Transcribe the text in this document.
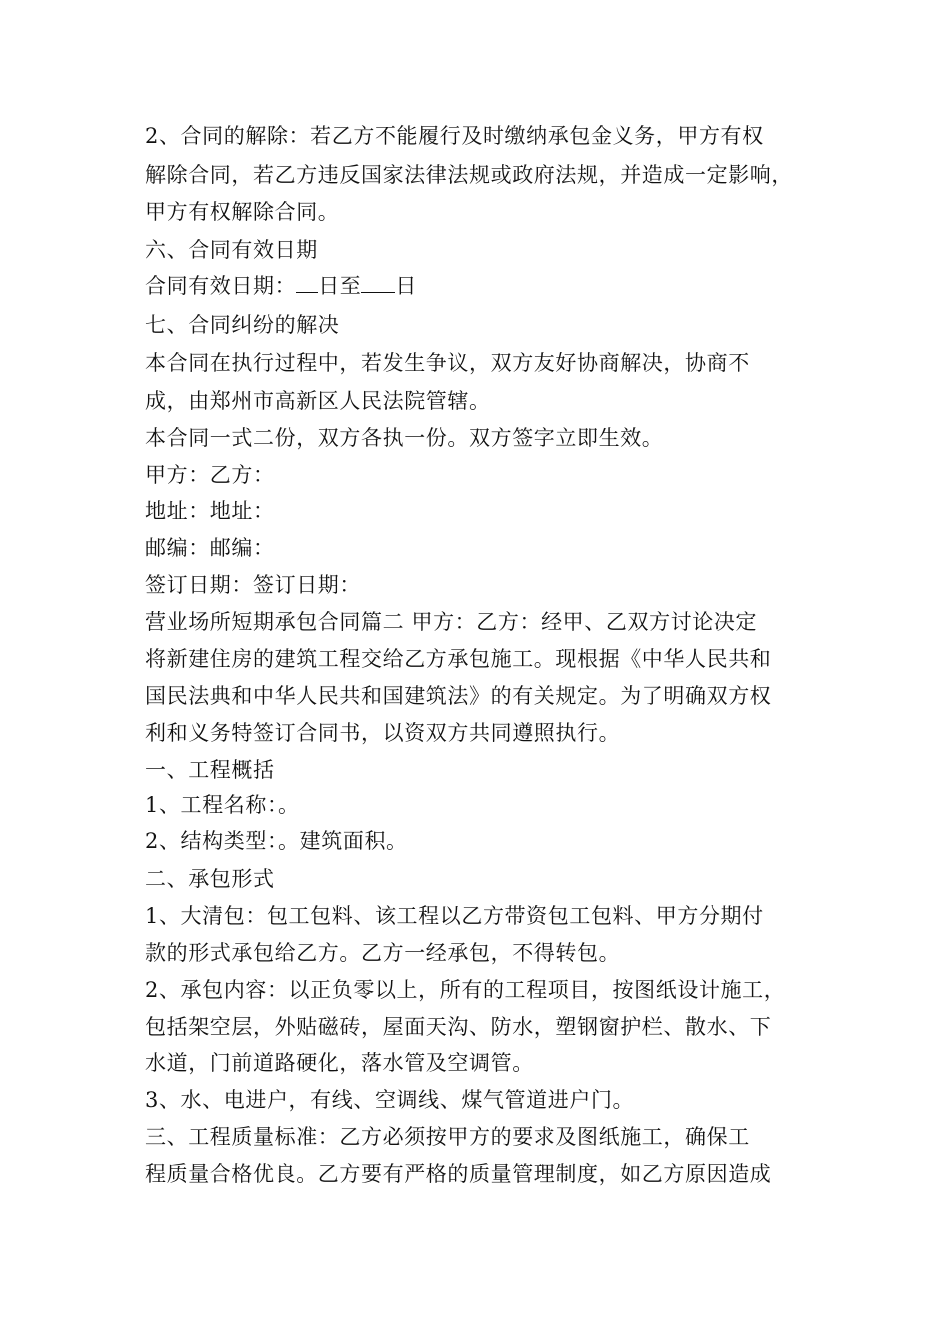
2、合同的解除：若乙方不能履行及时缴纳承包金义务，甲方有权
解除合同，若乙方违反国家法律法规或政府法规，并造成一定影响，
甲方有权解除合同。
六、合同有效日期
合同有效日期： 日至 日
七、合同纠纷的解决
本合同在执行过程中，若发生争议，双方友好协商解决，协商不
成，由郑州市高新区人民法院管辖。
本合同一式二份，双方各执一份。双方签字立即生效。
甲方：乙方：
地址：地址：
邮编：邮编：
签订日期：签订日期：
营业场所短期承包合同篇二 甲方：乙方：经甲、乙双方讨论决定
将新建住房的建筑工程交给乙方承包施工。现根据《中华人民共和
国民法典和中华人民共和国建筑法》的有关规定。为了明确双方权
利和义务特签订合同书，以资双方共同遵照执行。
一、工程概括
1、工程名称：。
2、结构类型：。建筑面积。
二、承包形式
1、大清包：包工包料、该工程以乙方带资包工包料、甲方分期付
款的形式承包给乙方。乙方一经承包，不得转包。
2、承包内容：以正负零以上，所有的工程项目，按图纸设计施工，
包括架空层，外贴磁砖，屋面天沟、防水，塑钢窗护栏、散水、下
水道，门前道路硬化，落水管及空调管。
3、水、电进户，有线、空调线、煤气管道进户门。
三、工程质量标准：乙方必须按甲方的要求及图纸施工，确保工
程质量合格优良。乙方要有严格的质量管理制度，如乙方原因造成
